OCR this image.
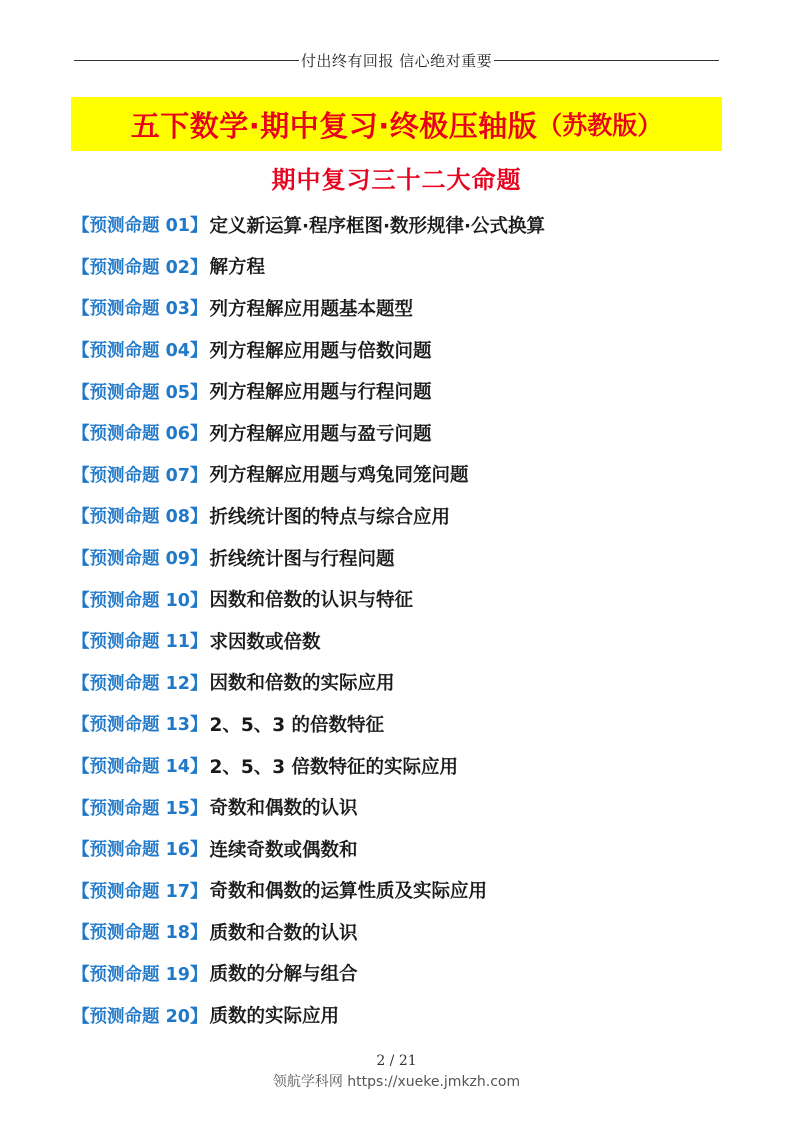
付出终有回报 信心绝对重要
五下数学·期中复习·终极压轴版 （苏教版）
期中复习三十二大命题
【预测命题 01】 定义新运算·程序框图·数形规律·公式换算
【预测命题 02】 解方程
【预测命题 03】 列方程解应用题基本题型
【预测命题 04】 列方程解应用题与倍数问题
【预测命题 05】 列方程解应用题与行程问题
【预测命题 06】 列方程解应用题与盈亏问题
【预测命题 07】 列方程解应用题与鸡兔同笼问题
【预测命题 08】 折线统计图的特点与综合应用
【预测命题 09】 折线统计图与行程问题
【预测命题 10】 因数和倍数的认识与特征
【预测命题 11】 求因数或倍数
【预测命题 12】 因数和倍数的实际应用
【预测命题 13】 2、5、3 的倍数特征
【预测命题 14】 2、5、3 倍数特征的实际应用
【预测命题 15】 奇数和偶数的认识
【预测命题 16】 连续奇数或偶数和
【预测命题 17】 奇数和偶数的运算性质及实际应用
【预测命题 18】 质数和合数的认识
【预测命题 19】 质数的分解与组合
【预测命题 20】 质数的实际应用
2 / 21
领航学科网 https://xueke.jmkzh.com
